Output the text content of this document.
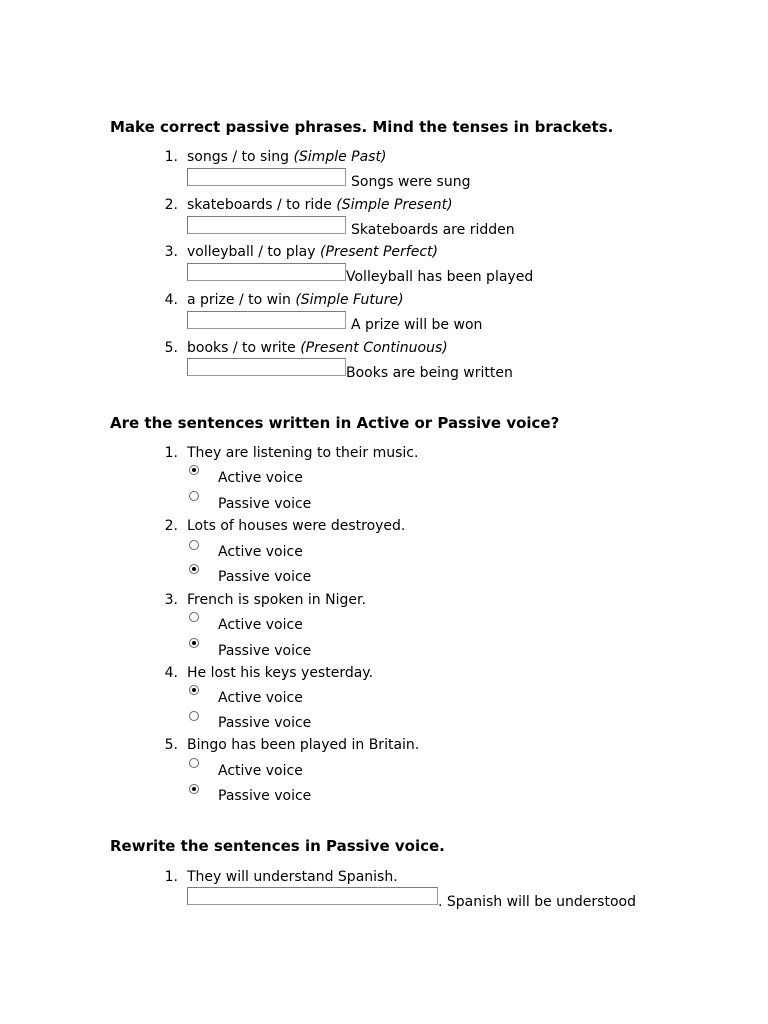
Make correct passive phrases. Mind the tenses in brackets.
1. songs / to sing (Simple Past)
Songs were sung
2. skateboards / to ride (Simple Present)
Skateboards are ridden
3. volleyball / to play (Present Perfect)
Volleyball has been played
4. a prize / to win (Simple Future)
A prize will be won
5. books / to write (Present Continuous)
Books are being written
Are the sentences written in Active or Passive voice?
1. They are listening to their music.
Active voice
Passive voice
2. Lots of houses were destroyed.
Active voice
Passive voice
3. French is spoken in Niger.
Active voice
Passive voice
4. He lost his keys yesterday.
Active voice
Passive voice
5. Bingo has been played in Britain.
Active voice
Passive voice
Rewrite the sentences in Passive voice.
1. They will understand Spanish.
. Spanish will be understood
